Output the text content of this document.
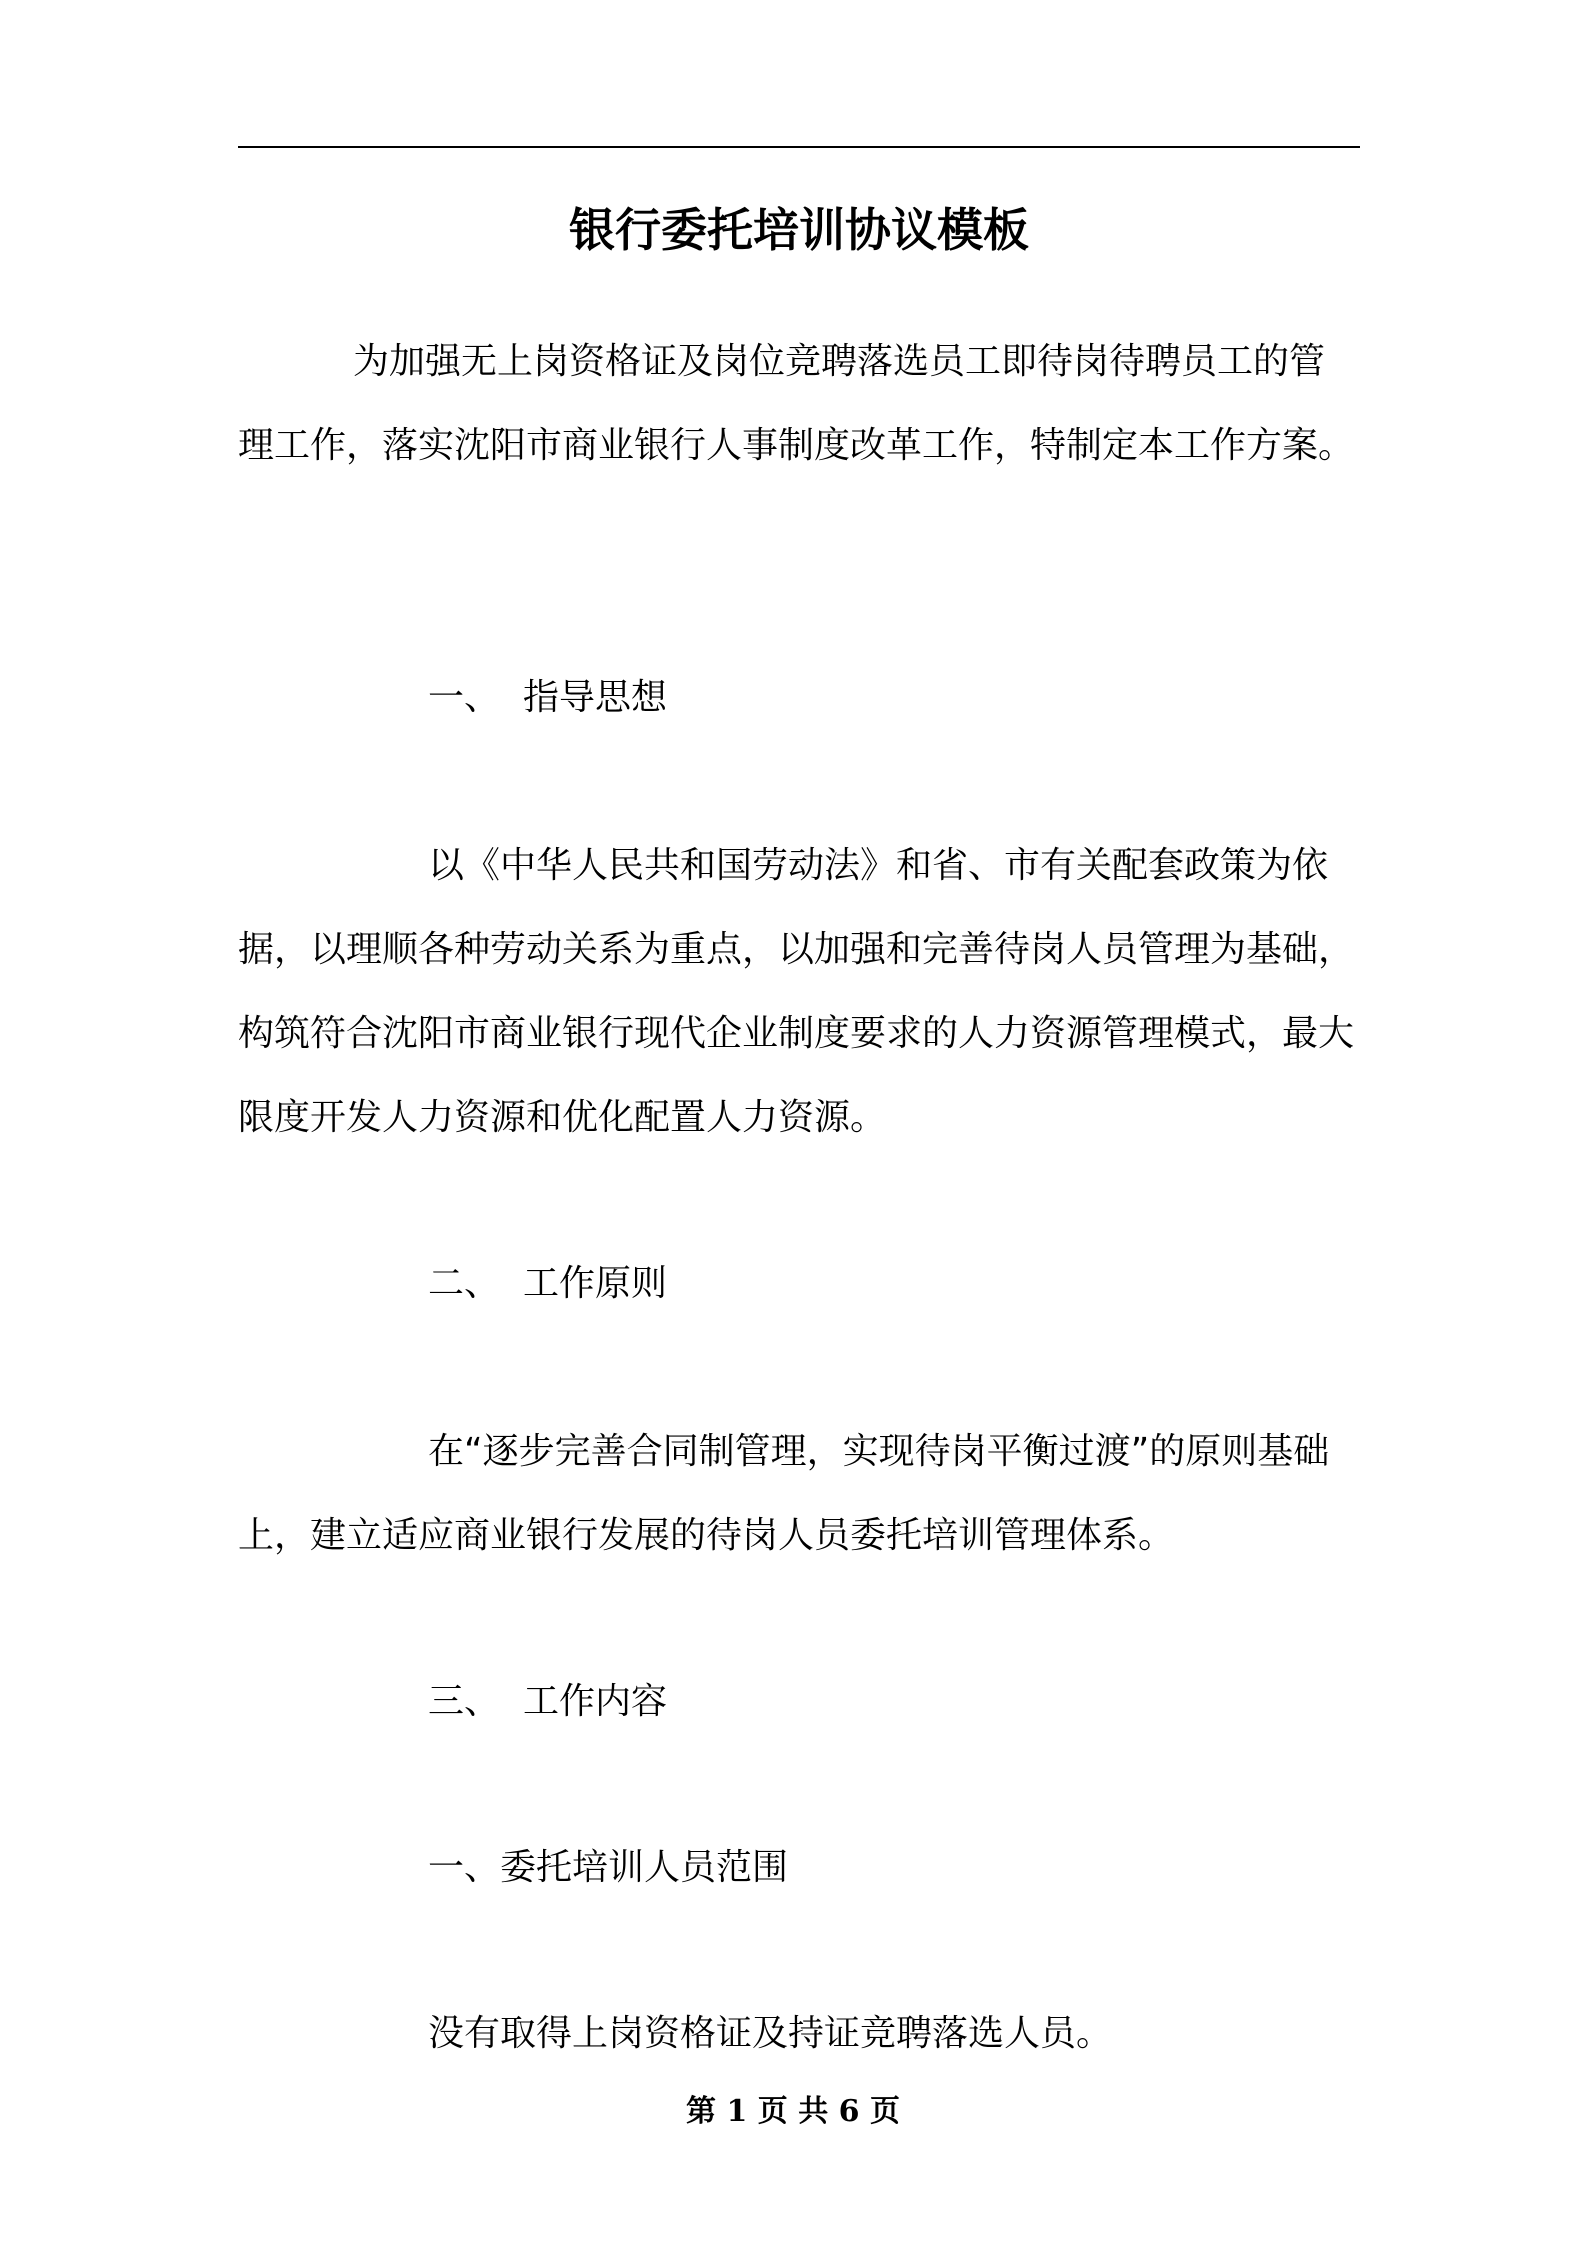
银行委托培训协议模板

为加强无上岗资格证及岗位竞聘落选员工即待岗待聘员工的管理工作，落实沈阳市商业银行人事制度改革工作，特制定本工作方案。

一、 指导思想

以《中华人民共和国劳动法》和省、市有关配套政策为依据，以理顺各种劳动关系为重点，以加强和完善待岗人员管理为基础，构筑符合沈阳市商业银行现代企业制度要求的人力资源管理模式，最大限度开发人力资源和优化配置人力资源。

二、 工作原则

在“逐步完善合同制管理，实现待岗平衡过渡”的原则基础上，建立适应商业银行发展的待岗人员委托培训管理体系。

三、 工作内容
一、委托培训人员范围
没有取得上岗资格证及持证竞聘落选人员。
第 1 页 共 6 页
